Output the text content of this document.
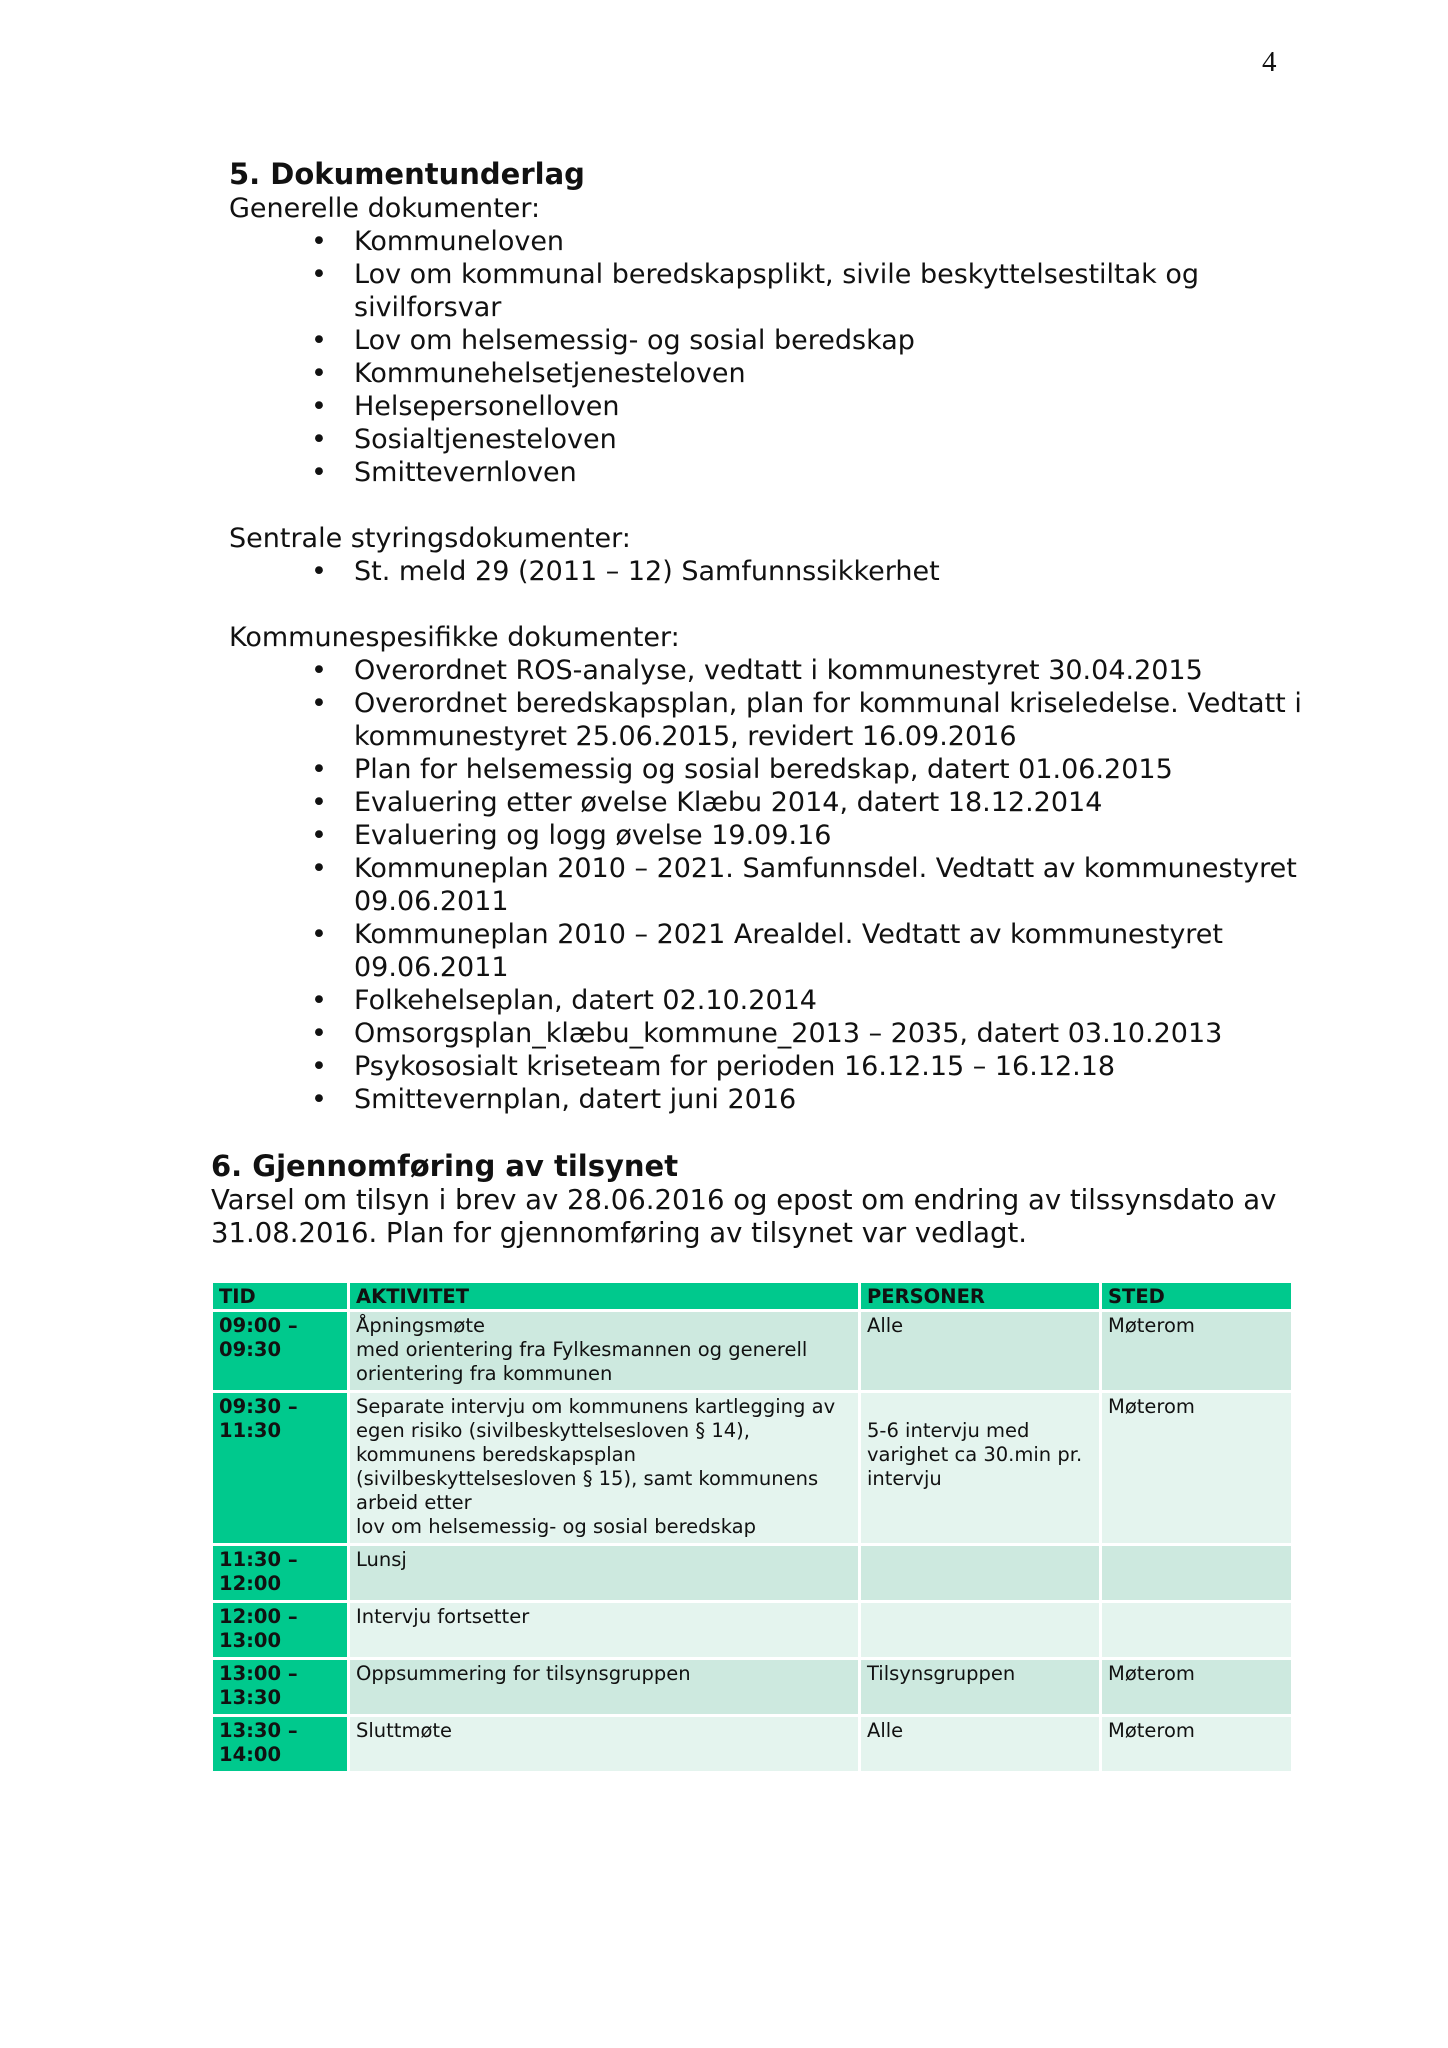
4
5. Dokumentunderlag

Generelle dokumenter:

• Kommuneloven
• Lov om kommunal beredskapsplikt, sivile beskyttelsestiltak og sivilforsvar
• Lov om helsemessig- og sosial beredskap
• Kommunehelsetjenesteloven
• Helsepersonelloven
• Sosialtjenesteloven
• Smittevernloven

Sentrale styringsdokumenter:

• St. meld 29 (2011 – 12) Samfunnssikkerhet

Kommunespesifikke dokumenter:

• Overordnet ROS-analyse, vedtatt i kommunestyret 30.04.2015
• Overordnet beredskapsplan, plan for kommunal kriseledelse. Vedtatt i kommunestyret 25.06.2015, revidert 16.09.2016
• Plan for helsemessig og sosial beredskap, datert 01.06.2015
• Evaluering etter øvelse Klæbu 2014, datert 18.12.2014
• Evaluering og logg øvelse 19.09.16
• Kommuneplan 2010 – 2021. Samfunnsdel. Vedtatt av kommunestyret 09.06.2011
• Kommuneplan 2010 – 2021 Arealdel. Vedtatt av kommunestyret 09.06.2011
• Folkehelseplan, datert 02.10.2014
• Omsorgsplan_klæbu_kommune_2013 – 2035, datert 03.10.2013
• Psykososialt kriseteam for perioden 16.12.15 – 16.12.18
• Smittevernplan, datert juni 2016
6. Gjennomføring av tilsynet

Varsel om tilsyn i brev av 28.06.2016 og epost om endring av tilssynsdato av 31.08.2016. Plan for gjennomføring av tilsynet var vedlagt.

TID	AKTIVITET	PERSONER	STED

09:00 –
09:30	Åpningsmøte
med orientering fra Fylkesmannen og generell orientering fra kommunen	Alle	Møterom

09:30 –
11:30	Separate intervju om kommunens kartlegging av egen risiko (sivilbeskyttelsesloven § 14), kommunens beredskapsplan
(sivilbeskyttelsesloven § 15), samt kommunens arbeid etter
lov om helsemessig- og sosial beredskap	5-6 intervju med varighet ca 30.min pr. intervju	Møterom

11:30 –
12:00	Lunsj		

12:00 –
13:00	Intervju fortsetter		

13:00 –
13:30	Oppsummering for tilsynsgruppen	Tilsynsgruppen	Møterom

13:30 –
14:00	Sluttmøte	Alle	Møterom
